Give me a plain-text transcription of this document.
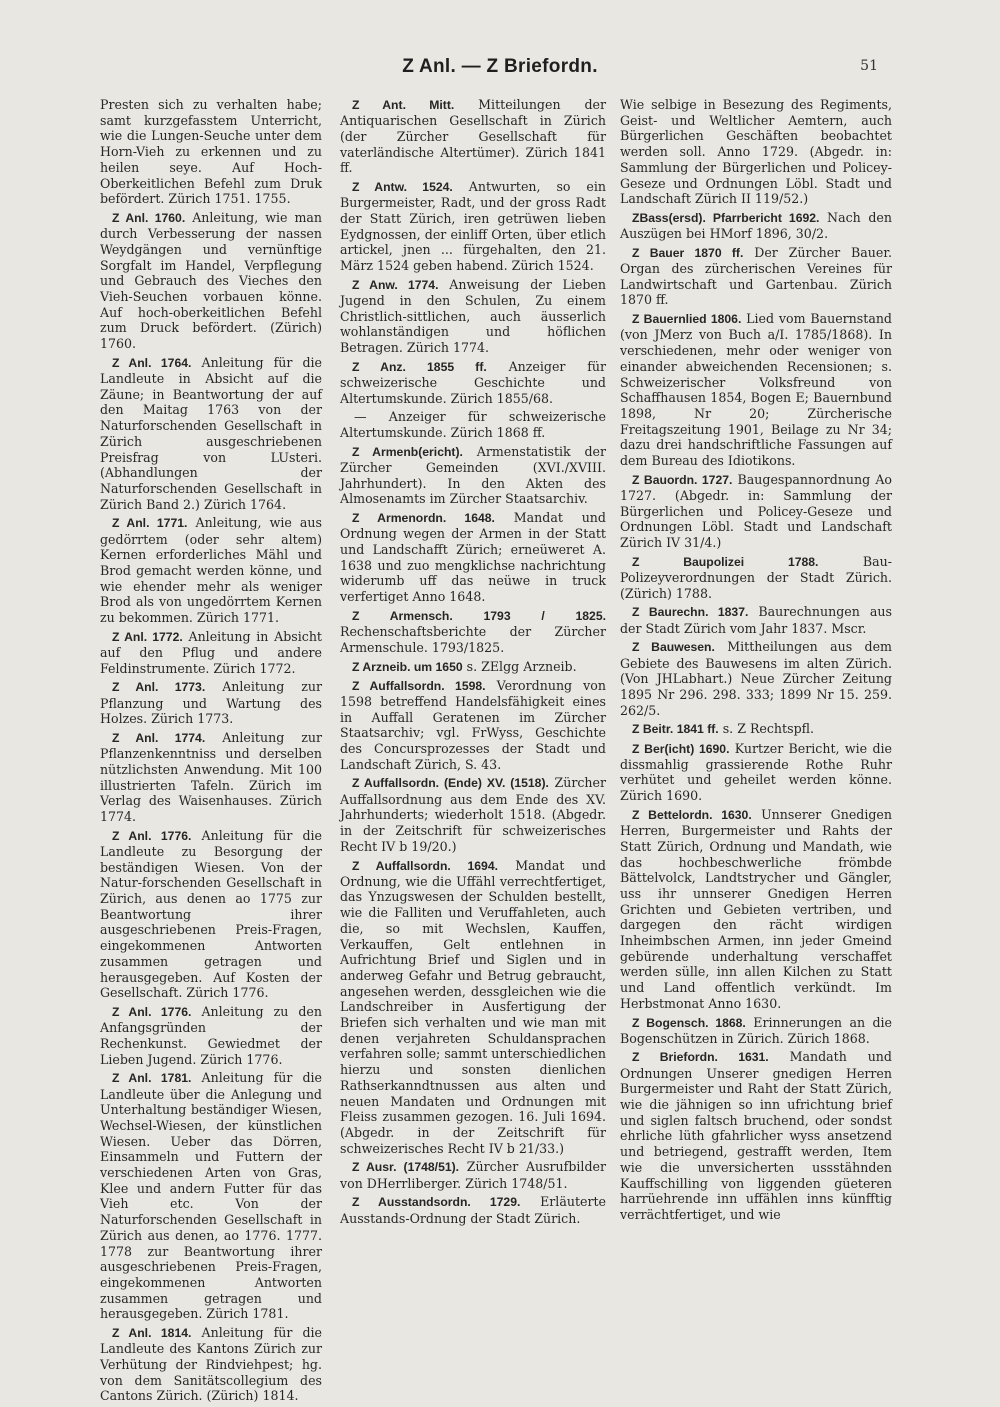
Z Anl. — Z Briefordn.	51

Presten sich zu verhalten habe; samt kurzgefasstem Unterricht, wie die Lungen-Seuche unter dem Horn-Vieh zu erkennen und zu heilen seye. Auf Hoch-Oberkeitlichen Befehl zum Druk befördert. Zürich 1751. 1755.

Z Anl. 1760. Anleitung, wie man durch Verbesserung der nassen Weydgängen und vernünftige Sorgfalt im Handel, Verpflegung und Gebrauch des Vieches den Vieh-Seuchen vorbauen könne. Auf hoch-oberkeitlichen Befehl zum Druck befördert. (Zürich) 1760.

Z Anl. 1764. Anleitung für die Landleute in Absicht auf die Zäune; in Beantwortung der auf den Maitag 1763 von der Naturforschenden Gesellschaft in Zürich ausgeschriebenen Preisfrag von LUsteri. (Abhandlungen der Naturforschenden Gesellschaft in Zürich Band 2.) Zürich 1764.

Z Anl. 1771. Anleitung, wie aus gedörrtem (oder sehr altem) Kernen erforderliches Mähl und Brod gemacht werden könne, und wie ehender mehr als weniger Brod als von ungedörrtem Kernen zu bekommen. Zürich 1771.

Z Anl. 1772. Anleitung in Absicht auf den Pflug und andere Feldinstrumente. Zürich 1772.

Z Anl. 1773. Anleitung zur Pflanzung und Wartung des Holzes. Zürich 1773.

Z Anl. 1774. Anleitung zur Pflanzenkenntniss und derselben nützlichsten Anwendung. Mit 100 illustrierten Tafeln. Zürich im Verlag des Waisenhauses. Zürich 1774.

Z Anl. 1776. Anleitung für die Landleute zu Besorgung der beständigen Wiesen. Von der Natur-forschenden Gesellschaft in Zürich, aus denen ao 1775 zur Beantwortung ihrer ausgeschriebenen Preis-Fragen, eingekommenen Antworten zusammen getragen und herausgegeben. Auf Kosten der Gesellschaft. Zürich 1776.

Z Anl. 1776. Anleitung zu den Anfangsgründen der Rechenkunst. Gewiedmet der Lieben Jugend. Zürich 1776.

Z Anl. 1781. Anleitung für die Landleute über die Anlegung und Unterhaltung beständiger Wiesen, Wechsel-Wiesen, der künstlichen Wiesen. Ueber das Dörren, Einsammeln und Futtern der verschiedenen Arten von Gras, Klee und andern Futter für das Vieh etc. Von der Naturforschenden Gesellschaft in Zürich aus denen, ao 1776. 1777. 1778 zur Beantwortung ihrer ausgeschriebenen Preis-Fragen, eingekommenen Antworten zusammen getragen und herausgegeben. Zürich 1781.

Z Anl. 1814. Anleitung für die Landleute des Kantons Zürich zur Verhütung der Rindviehpest; hg. von dem Sanitätscollegium des Cantons Zürich. (Zürich) 1814.

Z Ant. Mitt. Mitteilungen der Antiquarischen Gesellschaft in Zürich (der Zürcher Gesellschaft für vaterländische Altertümer). Zürich 1841 ff.

Z Antw. 1524. Antwurten, so ein Burgermeister, Radt, und der gross Radt der Statt Zürich, iren getrüwen lieben Eydgnossen, der einliff Orten, über etlich artickel, jnen ... fürgehalten, den 21. März 1524 geben habend. Zürich 1524.

Z Anw. 1774. Anweisung der Lieben Jugend in den Schulen, Zu einem Christlich-sittlichen, auch äusserlich wohlanständigen und höflichen Betragen. Zürich 1774.

Z Anz. 1855 ff. Anzeiger für schweizerische Geschichte und Altertumskunde. Zürich 1855/68.

— Anzeiger für schweizerische Altertumskunde. Zürich 1868 ff.

Z Armenb(ericht). Armenstatistik der Zürcher Gemeinden (XVI./XVIII. Jahrhundert). In den Akten des Almosenamts im Zürcher Staatsarchiv.

Z Armenordn. 1648. Mandat und Ordnung wegen der Armen in der Statt und Landschafft Zürich; erneüweret A. 1638 und zuo mengklichse nachrichtung widerumb uff das neüwe in truck verfertiget Anno 1648.

Z Armensch. 1793 / 1825. Rechenschaftsberichte der Zürcher Armenschule. 1793/1825.

Z Arzneib. um 1650 s. ZElgg Arzneib.

Z Auffallsordn. 1598. Verordnung von 1598 betreffend Handelsfähigkeit eines in Auffall Geratenen im Zürcher Staatsarchiv; vgl. FrWyss, Geschichte des Concursprozesses der Stadt und Landschaft Zürich, S. 43.

Z Auffallsordn. (Ende) XV. (1518). Zürcher Auffallsordnung aus dem Ende des XV. Jahrhunderts; wiederholt 1518. (Abgedr. in der Zeitschrift für schweizerisches Recht IV b 19/20.)

Z Auffallsordn. 1694. Mandat und Ordnung, wie die Uffähl verrechtfertiget, das Ynzugswesen der Schulden bestellt, wie die Falliten und Veruffahleten, auch die, so mit Wechslen, Kauffen, Verkauffen, Gelt entlehnen in Aufrichtung Brief und Siglen und in anderweg Gefahr und Betrug gebraucht, angesehen werden, dessgleichen wie die Landschreiber in Ausfertigung der Briefen sich verhalten und wie man mit denen verjahreten Schuldansprachen verfahren solle; sammt unterschiedlichen hierzu und sonsten dienlichen Rathserkanndtnussen aus alten und neuen Mandaten und Ordnungen mit Fleiss zusammen gezogen. 16. Juli 1694. (Abgedr. in der Zeitschrift für schweizerisches Recht IV b 21/33.)

Z Ausr. (1748/51). Zürcher Ausrufbilder von DHerrliberger. Zürich 1748/51.

Z Ausstandsordn. 1729. Erläuterte Ausstands-Ordnung der Stadt Zürich.

Wie selbige in Besezung des Regiments, Geist- und Weltlicher Aemtern, auch Bürgerlichen Geschäften beobachtet werden soll. Anno 1729. (Abgedr. in: Sammlung der Bürgerlichen und Policey-Geseze und Ordnungen Löbl. Stadt und Landschaft Zürich II 119/52.)

ZBass(ersd). Pfarrbericht 1692. Nach den Auszügen bei HMorf 1896, 30/2.

Z Bauer 1870 ff. Der Zürcher Bauer. Organ des zürcherischen Vereines für Landwirtschaft und Gartenbau. Zürich 1870 ff.

Z Bauernlied 1806. Lied vom Bauernstand (von JMerz von Buch a/I. 1785/1868). In verschiedenen, mehr oder weniger von einander abweichenden Recensionen; s. Schweizerischer Volksfreund von Schaffhausen 1854, Bogen E; Bauernbund 1898, Nr 20; Zürcherische Freitagszeitung 1901, Beilage zu Nr 34; dazu drei handschriftliche Fassungen auf dem Bureau des Idiotikons.

Z Bauordn. 1727. Baugespannordnung Ao 1727. (Abgedr. in: Sammlung der Bürgerlichen und Policey-Geseze und Ordnungen Löbl. Stadt und Landschaft Zürich IV 31/4.)

Z Baupolizei 1788.	Bau-Polizeyverordnungen der Stadt Zürich. (Zürich) 1788.

Z Baurechn. 1837. Baurechnungen aus der Stadt Zürich vom Jahr 1837. Mscr.

Z Bauwesen. Mittheilungen aus dem Gebiete des Bauwesens im alten Zürich. (Von JHLabhart.) Neue Zürcher Zeitung 1895 Nr 296. 298. 333; 1899 Nr 15. 259. 262/5.

Z Beitr. 1841 ff. s. Z Rechtspfl.

Z Ber(icht) 1690. Kurtzer Bericht, wie die dissmahlig grassierende Rothe Ruhr verhütet und geheilet werden könne. Zürich 1690.

Z Bettelordn. 1630. Unnserer Gnedigen Herren, Burgermeister und Rahts der Statt Zürich, Ordnung und Mandath, wie das hochbeschwerliche frömbde Bättelvolck, Landtstrycher und Gängler, uss ihr unnserer Gnedigen Herren Grichten und Gebieten vertriben, und dargegen den rächt wirdigen Inheimbschen Armen, inn jeder Gmeind gebürende underhaltung verschaffet werden sülle, inn allen Kilchen zu Statt und Land offentlich verkündt. Im Herbstmonat Anno 1630.

Z Bogensch. 1868. Erinnerungen an die Bogenschützen in Zürich. Zürich 1868.

Z Briefordn. 1631. Mandath und Ordnungen Unserer gnedigen Herren Burgermeister und Raht der Statt Zürich, wie die jähnigen so inn ufrichtung brief und siglen faltsch bruchend, oder sondst ehrliche lüth gfahrlicher wyss ansetzend und betriegend, gestrafft werden, Item wie die unversicherten ussstähnden Kauffschilling von liggenden güeteren harrüehrende inn uffählen inns künfftig verrächtfertiget, und wie
